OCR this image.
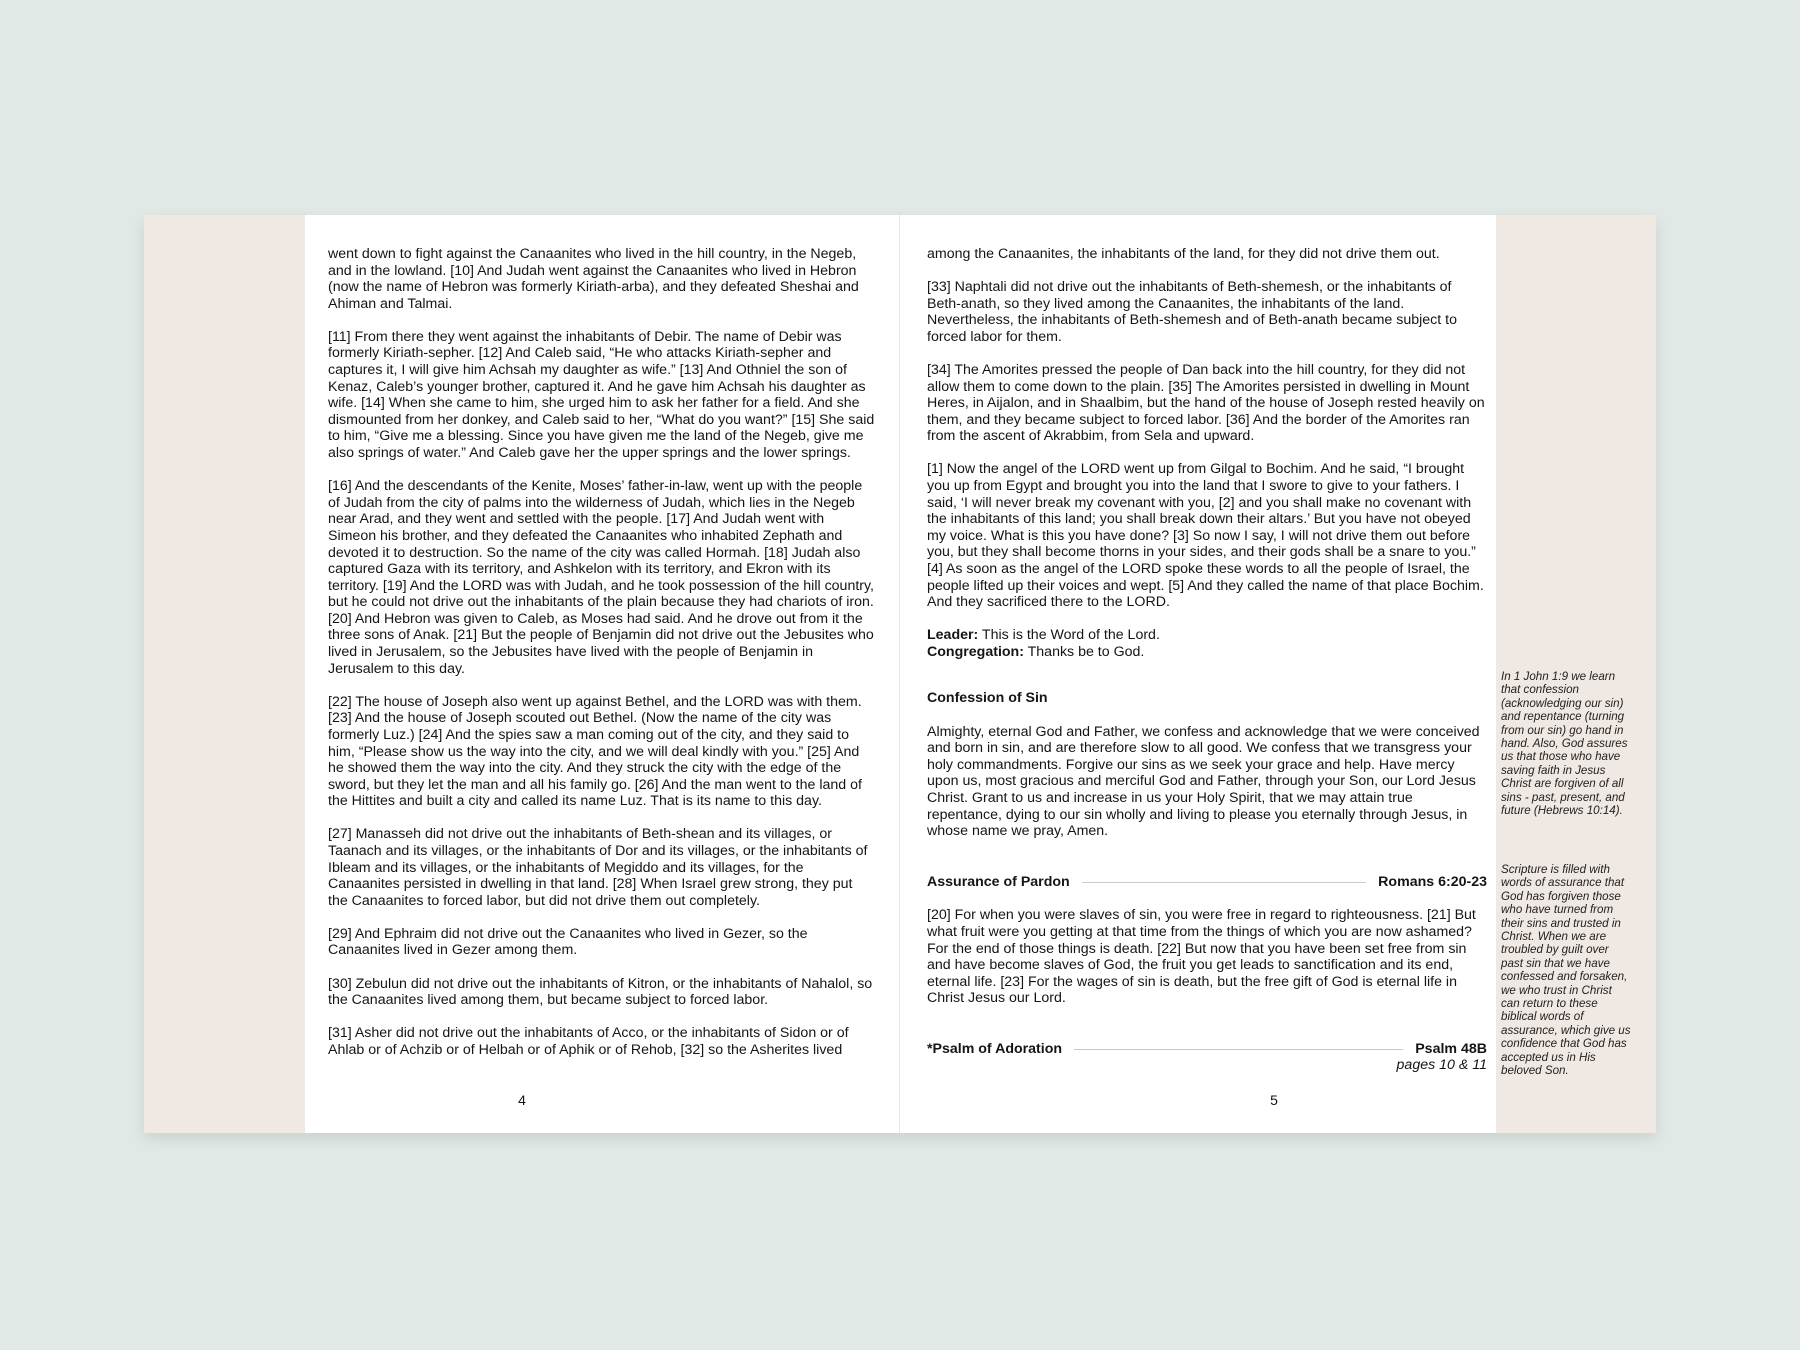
went down to fight against the Canaanites who lived in the hill country, in the Negeb, and in the lowland. [10] And Judah went against the Canaanites who lived in Hebron (now the name of Hebron was formerly Kiriath-arba), and they defeated Sheshai and Ahiman and Talmai.

[11] From there they went against the inhabitants of Debir. The name of Debir was formerly Kiriath-sepher. [12] And Caleb said, “He who attacks Kiriath-sepher and captures it, I will give him Achsah my daughter as wife.” [13] And Othniel the son of Kenaz, Caleb’s younger brother, captured it. And he gave him Achsah his daughter as wife. [14] When she came to him, she urged him to ask her father for a field. And she dismounted from her donkey, and Caleb said to her, “What do you want?” [15] She said to him, “Give me a blessing. Since you have given me the land of the Negeb, give me also springs of water.” And Caleb gave her the upper springs and the lower springs.

[16] And the descendants of the Kenite, Moses’ father-in-law, went up with the people of Judah from the city of palms into the wilderness of Judah, which lies in the Negeb near Arad, and they went and settled with the people. [17] And Judah went with Simeon his brother, and they defeated the Canaanites who inhabited Zephath and devoted it to destruction. So the name of the city was called Hormah. [18] Judah also captured Gaza with its territory, and Ashkelon with its territory, and Ekron with its territory. [19] And the LORD was with Judah, and he took possession of the hill country, but he could not drive out the inhabitants of the plain because they had chariots of iron. [20] And Hebron was given to Caleb, as Moses had said. And he drove out from it the three sons of Anak. [21] But the people of Benjamin did not drive out the Jebusites who lived in Jerusalem, so the Jebusites have lived with the people of Benjamin in Jerusalem to this day.

[22] The house of Joseph also went up against Bethel, and the LORD was with them. [23] And the house of Joseph scouted out Bethel. (Now the name of the city was formerly Luz.) [24] And the spies saw a man coming out of the city, and they said to him, “Please show us the way into the city, and we will deal kindly with you.” [25] And he showed them the way into the city. And they struck the city with the edge of the sword, but they let the man and all his family go. [26] And the man went to the land of the Hittites and built a city and called its name Luz. That is its name to this day.

[27] Manasseh did not drive out the inhabitants of Beth-shean and its villages, or Taanach and its villages, or the inhabitants of Dor and its villages, or the inhabitants of Ibleam and its villages, or the inhabitants of Megiddo and its villages, for the Canaanites persisted in dwelling in that land. [28] When Israel grew strong, they put the Canaanites to forced labor, but did not drive them out completely.

[29] And Ephraim did not drive out the Canaanites who lived in Gezer, so the Canaanites lived in Gezer among them.

[30] Zebulun did not drive out the inhabitants of Kitron, or the inhabitants of Nahalol, so the Canaanites lived among them, but became subject to forced labor.

[31] Asher did not drive out the inhabitants of Acco, or the inhabitants of Sidon or of Ahlab or of Achzib or of Helbah or of Aphik or of Rehob, [32] so the Asherites lived

4

among the Canaanites, the inhabitants of the land, for they did not drive them out.

[33] Naphtali did not drive out the inhabitants of Beth-shemesh, or the inhabitants of Beth-anath, so they lived among the Canaanites, the inhabitants of the land. Nevertheless, the inhabitants of Beth-shemesh and of Beth-anath became subject to forced labor for them.

[34] The Amorites pressed the people of Dan back into the hill country, for they did not allow them to come down to the plain. [35] The Amorites persisted in dwelling in Mount Heres, in Aijalon, and in Shaalbim, but the hand of the house of Joseph rested heavily on them, and they became subject to forced labor. [36] And the border of the Amorites ran from the ascent of Akrabbim, from Sela and upward.

[1] Now the angel of the LORD went up from Gilgal to Bochim. And he said, “I brought you up from Egypt and brought you into the land that I swore to give to your fathers. I said, ‘I will never break my covenant with you, [2] and you shall make no covenant with the inhabitants of this land; you shall break down their altars.’ But you have not obeyed my voice. What is this you have done? [3] So now I say, I will not drive them out before you, but they shall become thorns in your sides, and their gods shall be a snare to you.” [4] As soon as the angel of the LORD spoke these words to all the people of Israel, the people lifted up their voices and wept. [5] And they called the name of that place Bochim. And they sacrificed there to the LORD.

Leader: This is the Word of the Lord.
Congregation: Thanks be to God.

Confession of Sin

Almighty, eternal God and Father, we confess and acknowledge that we were conceived and born in sin, and are therefore slow to all good. We confess that we transgress your holy commandments. Forgive our sins as we seek your grace and help. Have mercy upon us, most gracious and merciful God and Father, through your Son, our Lord Jesus Christ. Grant to us and increase in us your Holy Spirit, that we may attain true repentance, dying to our sin wholly and living to please you eternally through Jesus, in whose name we pray, Amen.

Assurance of Pardon	Romans 6:20-23

[20] For when you were slaves of sin, you were free in regard to righteousness. [21] But what fruit were you getting at that time from the things of which you are now ashamed? For the end of those things is death. [22] But now that you have been set free from sin and have become slaves of God, the fruit you get leads to sanctification and its end, eternal life. [23] For the wages of sin is death, but the free gift of God is eternal life in Christ Jesus our Lord.

*Psalm of Adoration	Psalm 48B
pages 10 & 11
5
In 1 John 1:9 we learn that confession (acknowledging our sin) and repentance (turning from our sin) go hand in hand. Also, God assures us that those who have saving faith in Jesus Christ are forgiven of all sins - past, present, and future (Hebrews 10:14).
Scripture is filled with words of assurance that God has forgiven those who have turned from their sins and trusted in Christ. When we are troubled by guilt over past sin that we have confessed and forsaken, we who trust in Christ can return to these biblical words of assurance, which give us confidence that God has accepted us in His beloved Son.
